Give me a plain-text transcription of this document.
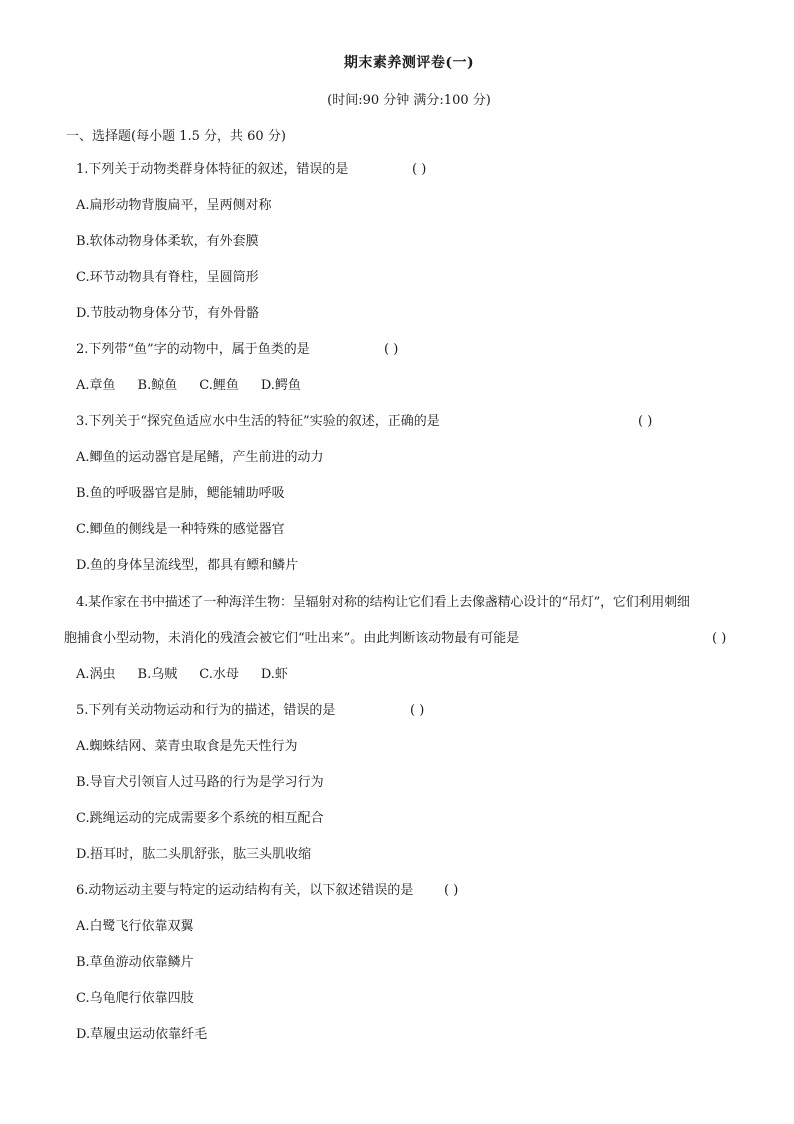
期末素养测评卷(一)
(时间:90 分钟 满分:100 分)
一、选择题(每小题 1.5 分，共 60 分)
1.下列关于动物类群身体特征的叙述，错误的是	( )
A.扁形动物背腹扁平，呈两侧对称
B.软体动物身体柔软，有外套膜
C.环节动物具有脊柱，呈圆筒形
D.节肢动物身体分节，有外骨骼
2.下列带“鱼”字的动物中，属于鱼类的是	( )
A.章鱼 B.鲸鱼 C.鲤鱼 D.鳄鱼
3.下列关于“探究鱼适应水中生活的特征”实验的叙述，正确的是	( )
A.鲫鱼的运动器官是尾鳍，产生前进的动力
B.鱼的呼吸器官是肺，鳃能辅助呼吸
C.鲫鱼的侧线是一种特殊的感觉器官
D.鱼的身体呈流线型，都具有鳔和鳞片
4.某作家在书中描述了一种海洋生物：呈辐射对称的结构让它们看上去像盏精心设计的“吊灯”，它们利用刺细
胞捕食小型动物，未消化的残渣会被它们“吐出来”。由此判断该动物最有可能是	( )
A.涡虫 B.乌贼 C.水母 D.虾
5.下列有关动物运动和行为的描述，错误的是	( )
A.蜘蛛结网、菜青虫取食是先天性行为
B.导盲犬引领盲人过马路的行为是学习行为
C.跳绳运动的完成需要多个系统的相互配合
D.捂耳时，肱二头肌舒张，肱三头肌收缩
6.动物运动主要与特定的运动结构有关，以下叙述错误的是 ( )
A.白鹭飞行依靠双翼
B.草鱼游动依靠鳞片
C.乌龟爬行依靠四肢
D.草履虫运动依靠纤毛
